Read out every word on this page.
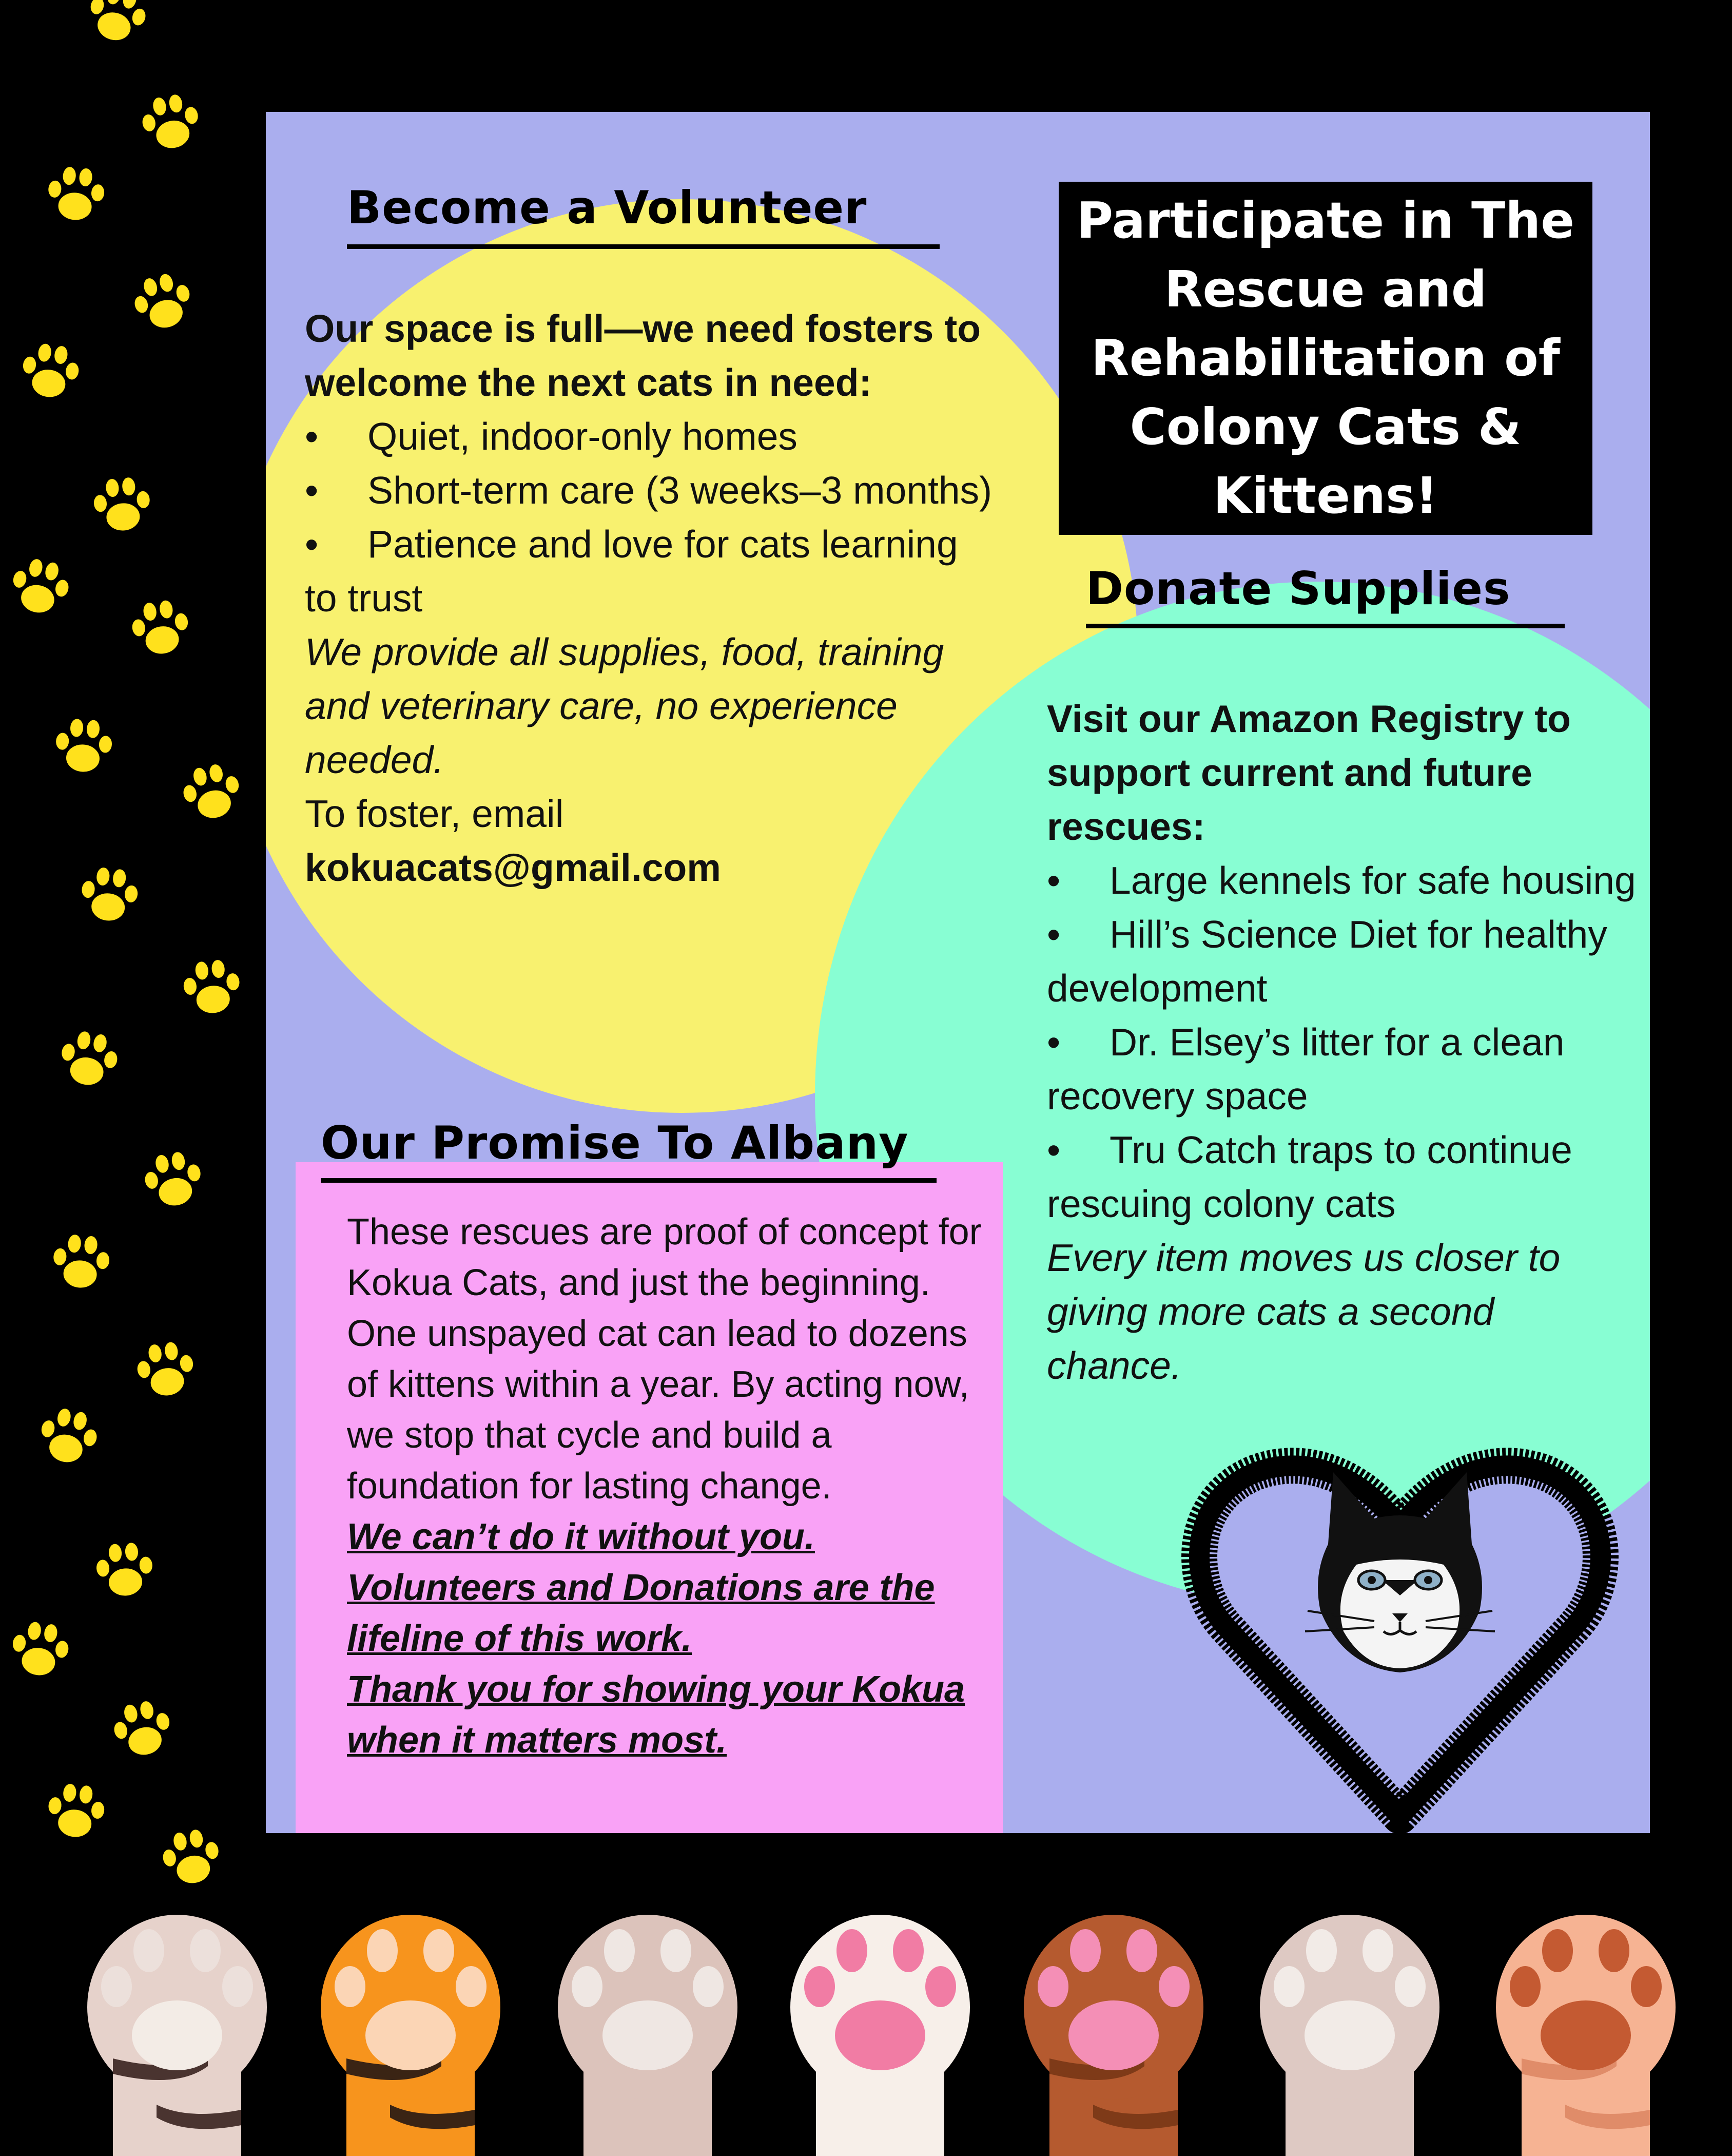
Become a Volunteer

Our space is full—we need fosters to welcome the next cats in need:

• Quiet, indoor-only homes
• Short-term care (3 weeks–3 months)
• Patience and love for cats learning to trust

We provide all supplies, food, training and veterinary care, no experience needed.

To foster, email

kokuacats@gmail.com

Participate in The Rescue and Rehabilitation of Colony Cats & Kittens!
Donate Supplies

Visit our Amazon Registry to support current and future rescues:

• Large kennels for safe housing
• Hill’s Science Diet for healthy development
• Dr. Elsey’s litter for a clean recovery space
• Tru Catch traps to continue rescuing colony cats

Every item moves us closer to giving more cats a second chance.

Our Promise To Albany

These rescues are proof of concept for Kokua Cats, and just the beginning. One unspayed cat can lead to dozens of kittens within a year. By acting now, we stop that cycle and build a foundation for lasting change.

We can’t do it without you.

Volunteers and Donations are the lifeline of this work.

Thank you for showing your Kokua when it matters most.
